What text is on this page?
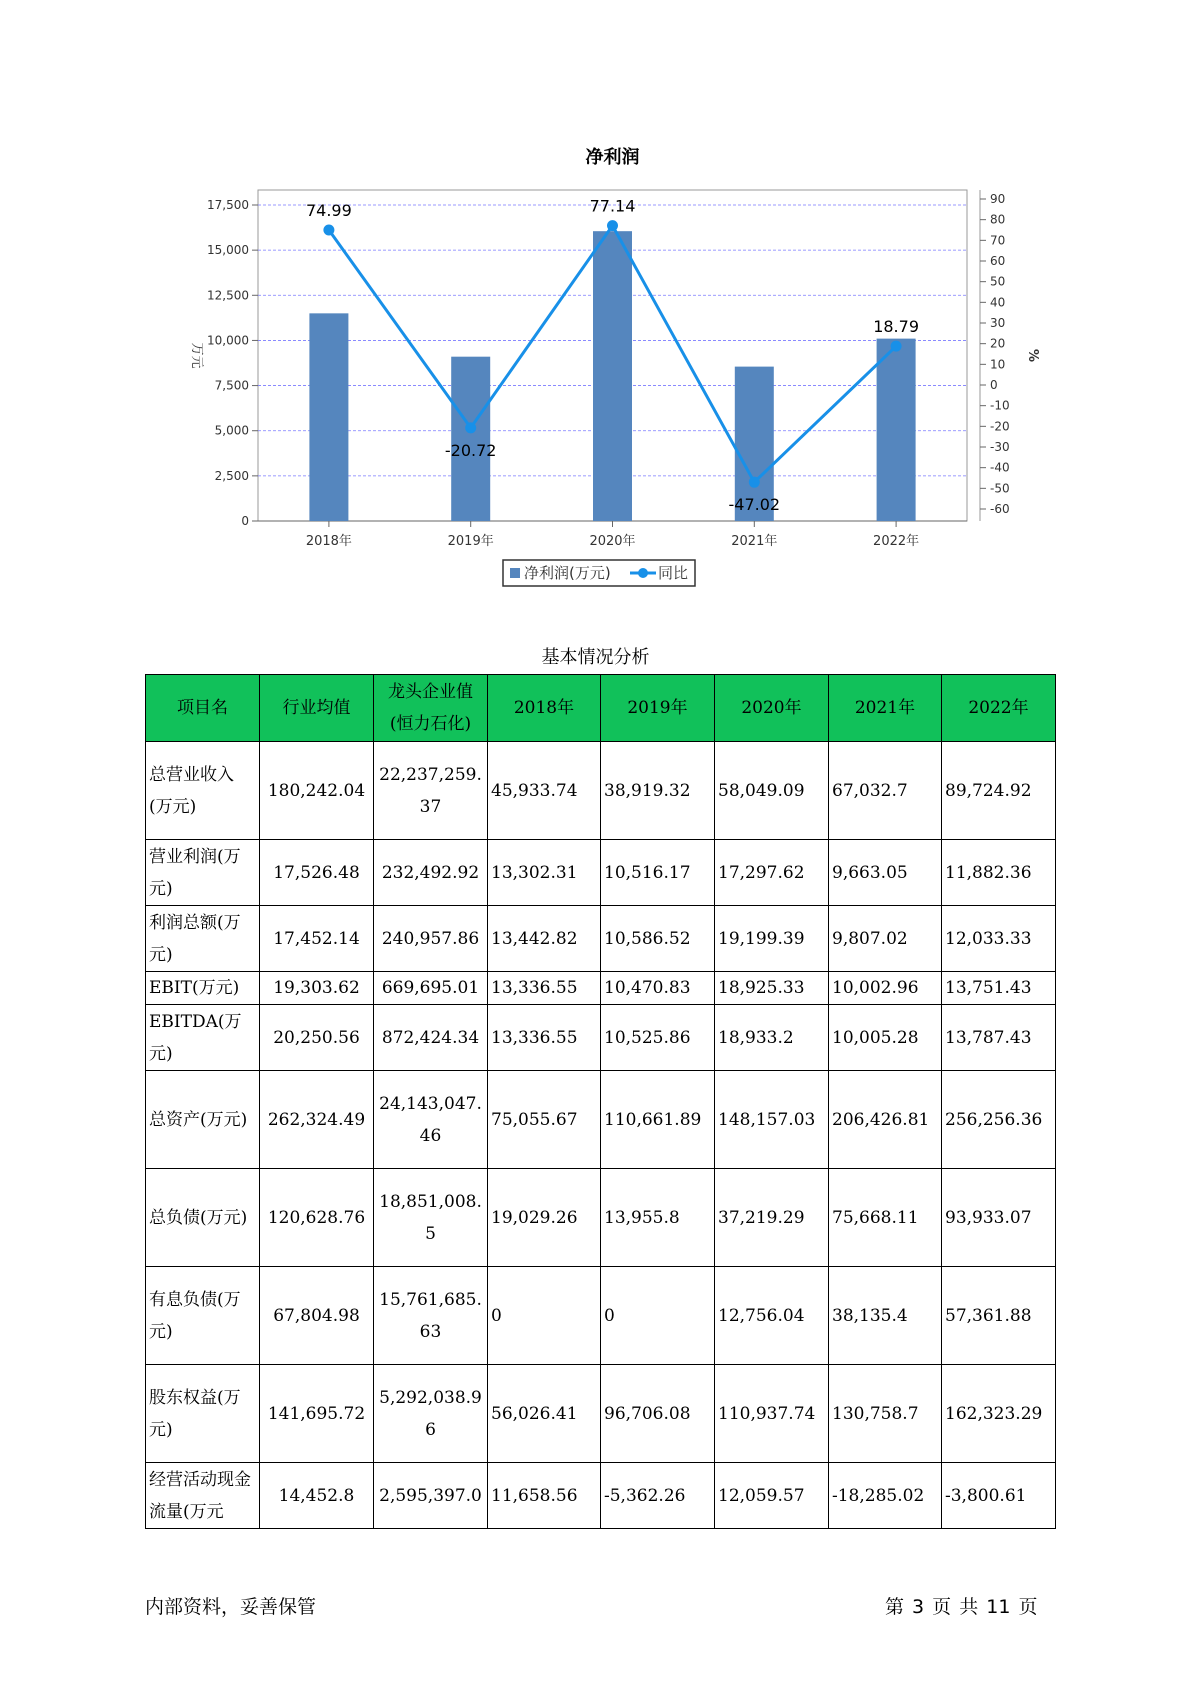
净利润
0
2,500
5,000
7,500
10,000
12,500
15,000
17,500
万元
-60
-50
-40
-30
-20
-10
0
10
20
30
40
50
60
70
80
90
%
2018年	2019年	2020年	2021年	2022年
74.99
-20.72
77.14
-47.02
18.79
净利润(万元)	同比
基本情况分析
项目名	行业均值	龙头企业值(恒力石化)	2018年	2019年	2020年	2021年	2022年
总营业收入(万元)	180,242.04	22,237,259.37	45,933.74	38,919.32	58,049.09	67,032.7	89,724.92
营业利润(万元)	17,526.48	232,492.92	13,302.31	10,516.17	17,297.62	9,663.05	11,882.36
利润总额(万元)	17,452.14	240,957.86	13,442.82	10,586.52	19,199.39	9,807.02	12,033.33
EBIT(万元)	19,303.62	669,695.01	13,336.55	10,470.83	18,925.33	10,002.96	13,751.43
EBITDA(万元)	20,250.56	872,424.34	13,336.55	10,525.86	18,933.2	10,005.28	13,787.43
总资产(万元)	262,324.49	24,143,047.46	75,055.67	110,661.89	148,157.03	206,426.81	256,256.36
总负债(万元)	120,628.76	18,851,008.5	19,029.26	13,955.8	37,219.29	75,668.11	93,933.07
有息负债(万元)	67,804.98	15,761,685.63	0	0	12,756.04	38,135.4	57,361.88
股东权益(万元)	141,695.72	5,292,038.96	56,026.41	96,706.08	110,937.74	130,758.7	162,323.29
经营活动现金流量(万元	14,452.8	2,595,397.0	11,658.56	-5,362.26	12,059.57	-18,285.02	-3,800.61
内部资料，妥善保管	第 3 页 共 11 页
